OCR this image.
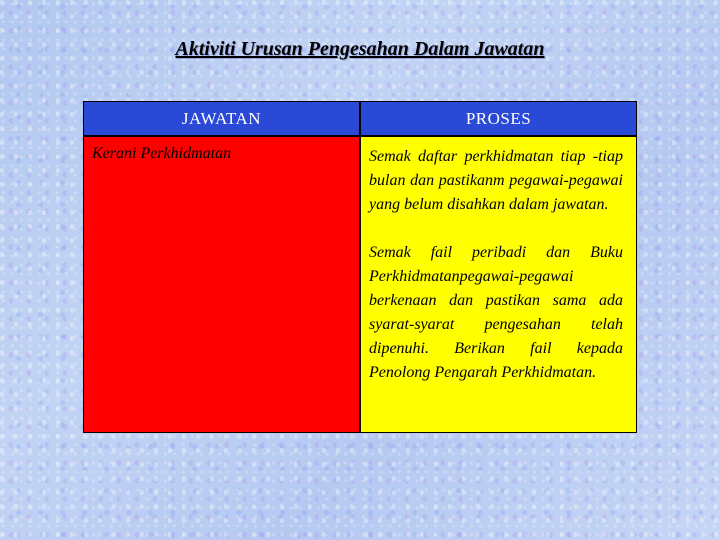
Aktiviti Urusan Pengesahan Dalam Jawatan
JAWATAN	PROSES
Kerani Perkhidmatan	Semak daftar perkhidmatan tiap -tiap bulan dan pastikanm pegawai-pegawai yang belum disahkan dalam jawatan.

Semak fail peribadi dan Buku Perkhidmatanpegawai-pegawai berkenaan dan pastikan sama ada syarat-syarat pengesahan telah dipenuhi. Berikan fail kepada Penolong Pengarah Perkhidmatan.
